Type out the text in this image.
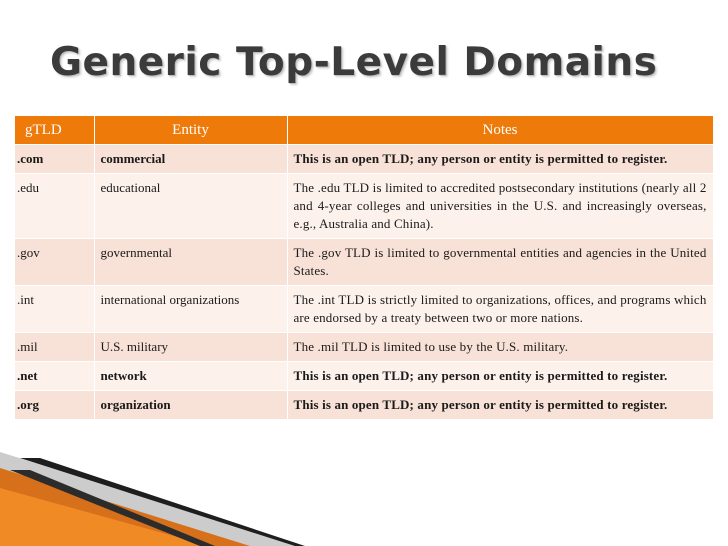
Generic Top-Level Domains
gTLD	Entity	Notes
.com	commercial	This is an open TLD; any person or entity is permitted to register.
.edu	educational	The .edu TLD is limited to accredited postsecondary institutions (nearly all 2 and 4-year colleges and universities in the U.S. and increasingly overseas, e.g., Australia and China).
.gov	governmental	The .gov TLD is limited to governmental entities and agencies in the United States.
.int	international organizations	The .int TLD is strictly limited to organizations, offices, and programs which are endorsed by a treaty between two or more nations.
.mil	U.S. military	The .mil TLD is limited to use by the U.S. military.
.net	network	This is an open TLD; any person or entity is permitted to register.
.org	organization	This is an open TLD; any person or entity is permitted to register.
